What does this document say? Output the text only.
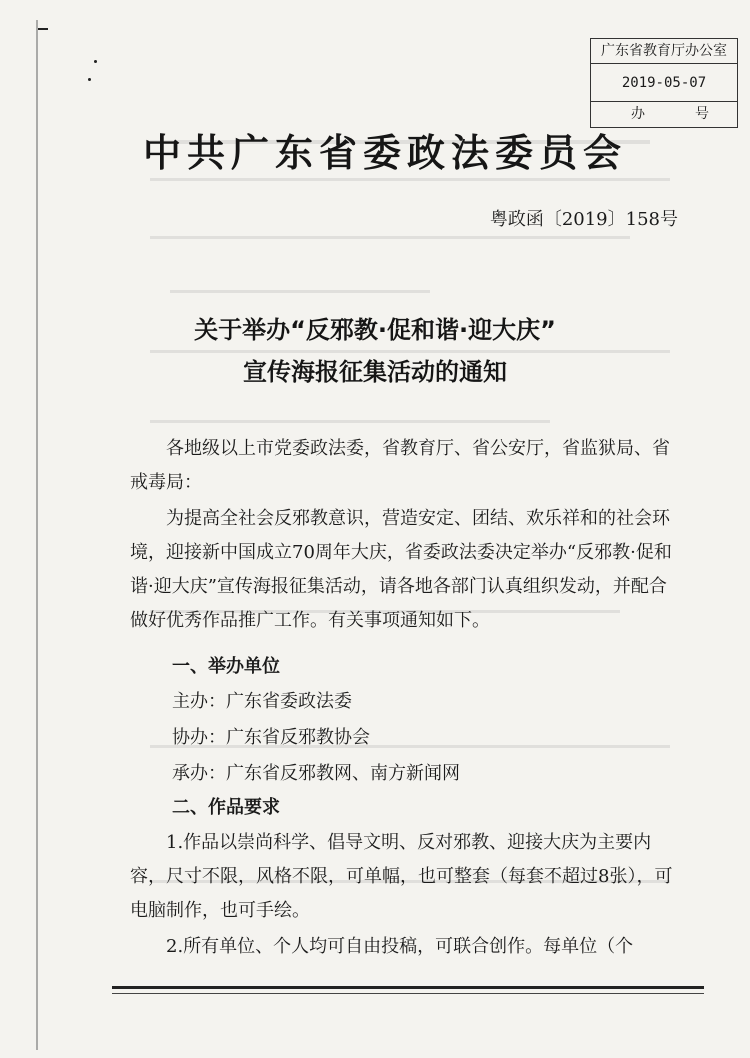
广东省教育厅办公室
2019-05-07
办	号
中共广东省委政法委员会
粤政函〔2019〕158号
关于举办“反邪教·促和谐·迎大庆”
宣传海报征集活动的通知
各地级以上市党委政法委，省教育厅、省公安厅，省监狱局、省戒毒局：
为提高全社会反邪教意识，营造安定、团结、欢乐祥和的社会环境，迎接新中国成立70周年大庆，省委政法委决定举办“反邪教·促和谐·迎大庆”宣传海报征集活动，请各地各部门认真组织发动，并配合做好优秀作品推广工作。有关事项通知如下。
一、举办单位
主办：广东省委政法委
协办：广东省反邪教协会
承办：广东省反邪教网、南方新闻网
二、作品要求
1.作品以崇尚科学、倡导文明、反对邪教、迎接大庆为主要内容，尺寸不限，风格不限，可单幅，也可整套（每套不超过8张），可电脑制作，也可手绘。
2.所有单位、个人均可自由投稿，可联合创作。每单位（个
